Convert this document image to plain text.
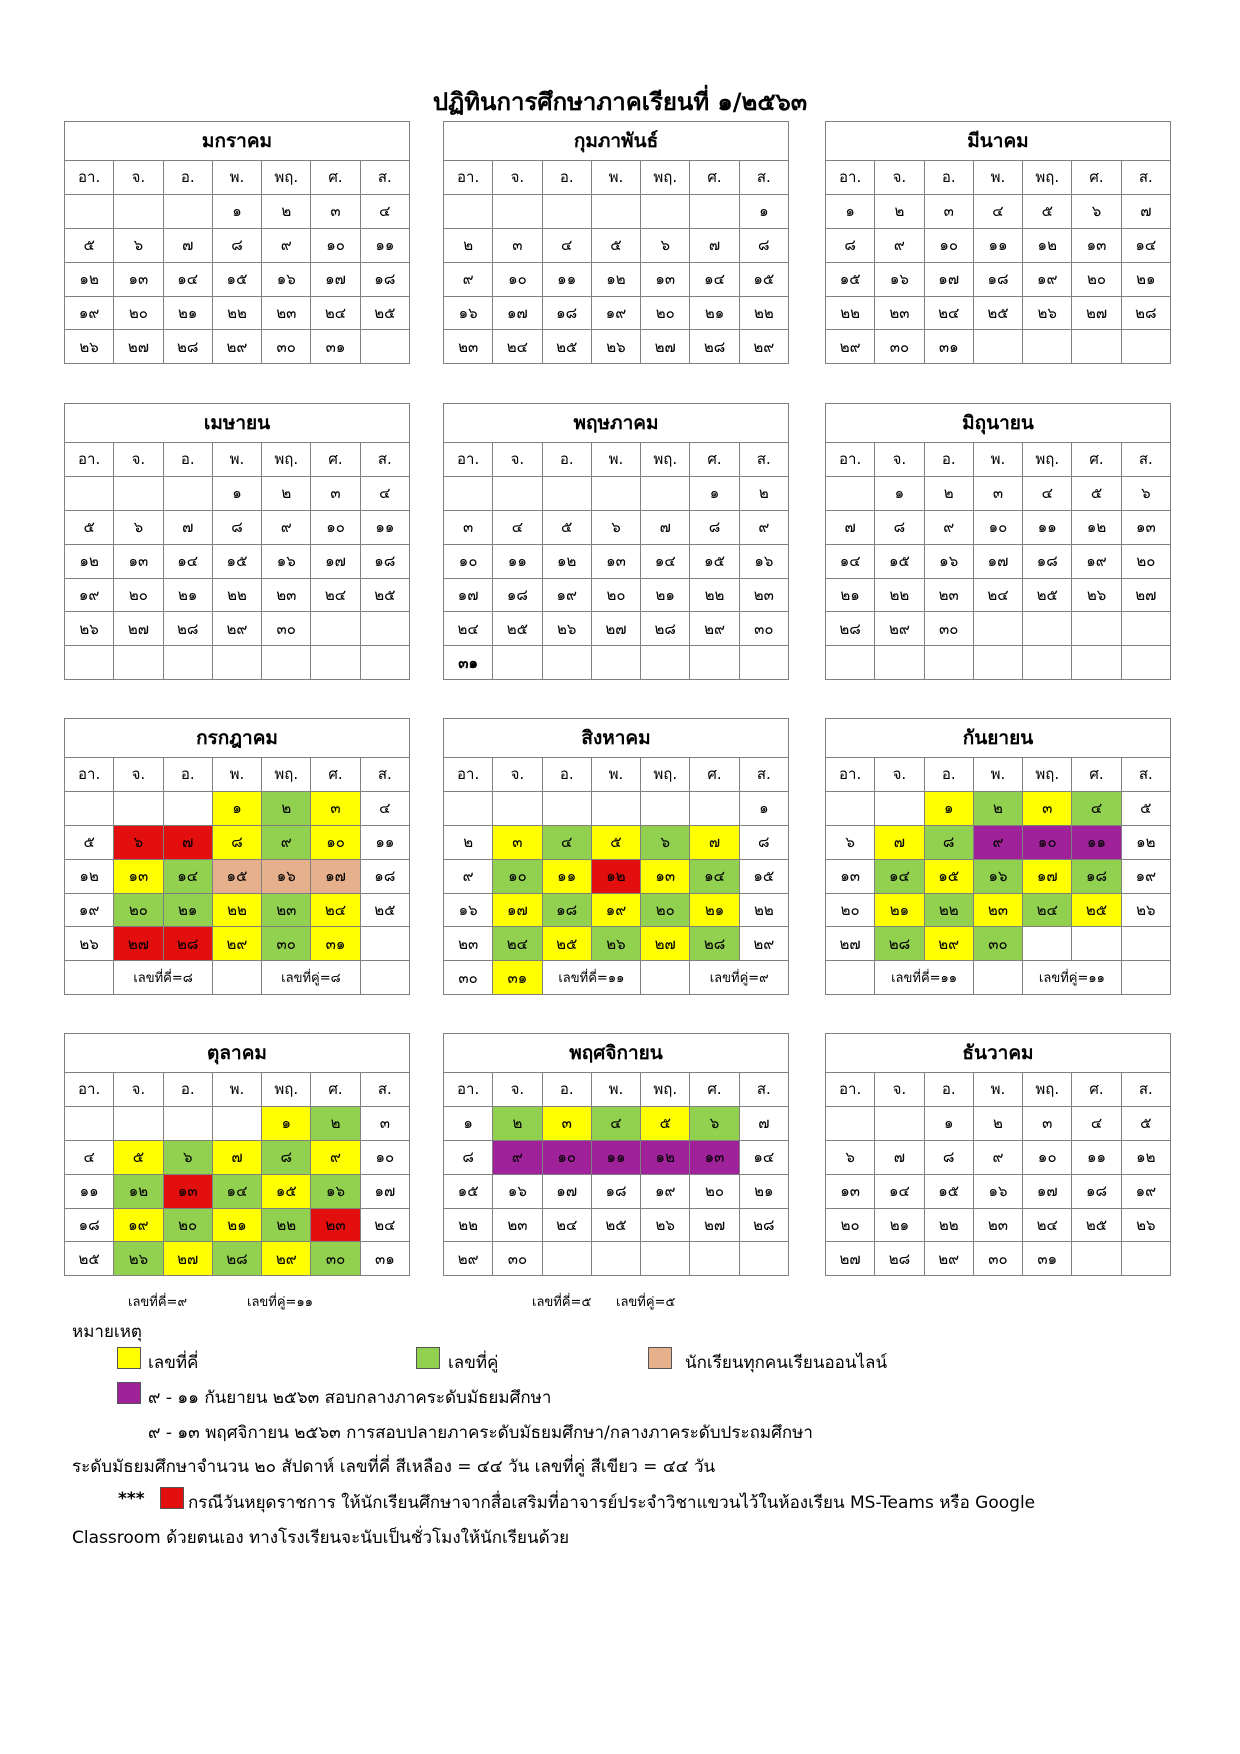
ปฏิทินการศึกษาภาคเรียนที่ ๑/๒๕๖๓
มกราคม						
อา.	จ.	อ.	พ.	พฤ.	ศ.	ส.
			๑	๒	๓	๔
๕	๖	๗	๘	๙	๑๐	๑๑
๑๒	๑๓	๑๔	๑๕	๑๖	๑๗	๑๘
๑๙	๒๐	๒๑	๒๒	๒๓	๒๔	๒๕
๒๖	๒๗	๒๘	๒๙	๓๐	๓๑	
กุมภาพันธ์						
อา.	จ.	อ.	พ.	พฤ.	ศ.	ส.
						๑
๒	๓	๔	๕	๖	๗	๘
๙	๑๐	๑๑	๑๒	๑๓	๑๔	๑๕
๑๖	๑๗	๑๘	๑๙	๒๐	๒๑	๒๒
๒๓	๒๔	๒๕	๒๖	๒๗	๒๘	๒๙
มีนาคม						
อา.	จ.	อ.	พ.	พฤ.	ศ.	ส.
๑	๒	๓	๔	๕	๖	๗
๘	๙	๑๐	๑๑	๑๒	๑๓	๑๔
๑๕	๑๖	๑๗	๑๘	๑๙	๒๐	๒๑
๒๒	๒๓	๒๔	๒๕	๒๖	๒๗	๒๘
๒๙	๓๐	๓๑				
เมษายน						
อา.	จ.	อ.	พ.	พฤ.	ศ.	ส.
			๑	๒	๓	๔
๕	๖	๗	๘	๙	๑๐	๑๑
๑๒	๑๓	๑๔	๑๕	๑๖	๑๗	๑๘
๑๙	๒๐	๒๑	๒๒	๒๓	๒๔	๒๕
๒๖	๒๗	๒๘	๒๙	๓๐		

พฤษภาคม						
อา.	จ.	อ.	พ.	พฤ.	ศ.	ส.
					๑	๒
๓	๔	๕	๖	๗	๘	๙
๑๐	๑๑	๑๒	๑๓	๑๔	๑๕	๑๖
๑๗	๑๘	๑๙	๒๐	๒๑	๒๒	๒๓
๒๔	๒๕	๒๖	๒๗	๒๘	๒๙	๓๐
๓๑						
มิถุนายน						
อา.	จ.	อ.	พ.	พฤ.	ศ.	ส.
	๑	๒	๓	๔	๕	๖
๗	๘	๙	๑๐	๑๑	๑๒	๑๓
๑๔	๑๕	๑๖	๑๗	๑๘	๑๙	๒๐
๒๑	๒๒	๒๓	๒๔	๒๕	๒๖	๒๗
๒๘	๒๙	๓๐				

กรกฎาคม						
อา.	จ.	อ.	พ.	พฤ.	ศ.	ส.
			๑	๒	๓	๔
๕	๖	๗	๘	๙	๑๐	๑๑
๑๒	๑๓	๑๔	๑๕	๑๖	๑๗	๑๘
๑๙	๒๐	๒๑	๒๒	๒๓	๒๔	๒๕
๒๖	๒๗	๒๘	๒๙	๓๐	๓๑	
	เลขที่คี่=๘			เลขที่คู่=๘		
สิงหาคม						
อา.	จ.	อ.	พ.	พฤ.	ศ.	ส.
						๑
๒	๓	๔	๕	๖	๗	๘
๙	๑๐	๑๑	๑๒	๑๓	๑๔	๑๕
๑๖	๑๗	๑๘	๑๙	๒๐	๒๑	๒๒
๒๓	๒๔	๒๕	๒๖	๒๗	๒๘	๒๙
๓๐	๓๑	เลขที่คี่=๑๑			เลขที่คู่=๙	
กันยายน						
อา.	จ.	อ.	พ.	พฤ.	ศ.	ส.
		๑	๒	๓	๔	๕
๖	๗	๘	๙	๑๐	๑๑	๑๒
๑๓	๑๔	๑๕	๑๖	๑๗	๑๘	๑๙
๒๐	๒๑	๒๒	๒๓	๒๔	๒๕	๒๖
๒๗	๒๘	๒๙	๓๐			
	เลขที่คี่=๑๑			เลขที่คู่=๑๑		
ตุลาคม						
อา.	จ.	อ.	พ.	พฤ.	ศ.	ส.
				๑	๒	๓
๔	๕	๖	๗	๘	๙	๑๐
๑๑	๑๒	๑๓	๑๔	๑๕	๑๖	๑๗
๑๘	๑๙	๒๐	๒๑	๒๒	๒๓	๒๔
๒๕	๒๖	๒๗	๒๘	๒๙	๓๐	๓๑
พฤศจิกายน						
อา.	จ.	อ.	พ.	พฤ.	ศ.	ส.
๑	๒	๓	๔	๕	๖	๗
๘	๙	๑๐	๑๑	๑๒	๑๓	๑๔
๑๕	๑๖	๑๗	๑๘	๑๙	๒๐	๒๑
๒๒	๒๓	๒๔	๒๕	๒๖	๒๗	๒๘
๒๙	๓๐					
ธันวาคม						
อา.	จ.	อ.	พ.	พฤ.	ศ.	ส.
		๑	๒	๓	๔	๕
๖	๗	๘	๙	๑๐	๑๑	๑๒
๑๓	๑๔	๑๕	๑๖	๑๗	๑๘	๑๙
๒๐	๒๑	๒๒	๒๓	๒๔	๒๕	๒๖
๒๗	๒๘	๒๙	๓๐	๓๑		
เลขที่คี่=๙	เลขที่คู่=๑๑	เลขที่คี่=๕ เลขที่คู่=๕
หมายเหตุ
เลขที่คี่	เลขที่คู่	นักเรียนทุกคนเรียนออนไลน์
๙ - ๑๑ กันยายน ๒๕๖๓ สอบกลางภาคระดับมัธยมศึกษา
๙ - ๑๓ พฤศจิกายน ๒๕๖๓ การสอบปลายภาคระดับมัธยมศึกษา/กลางภาคระดับประถมศึกษา
ระดับมัธยมศึกษาจำนวน ๒๐ สัปดาห์ เลขที่คี่ สีเหลือง = ๔๔ วัน เลขที่คู่ สีเขียว = ๔๔ วัน
***	กรณีวันหยุดราชการ ให้นักเรียนศึกษาจากสื่อเสริมที่อาจารย์ประจำวิชาแขวนไว้ในห้องเรียน MS-Teams หรือ Google
Classroom ด้วยตนเอง ทางโรงเรียนจะนับเป็นชั่วโมงให้นักเรียนด้วย
